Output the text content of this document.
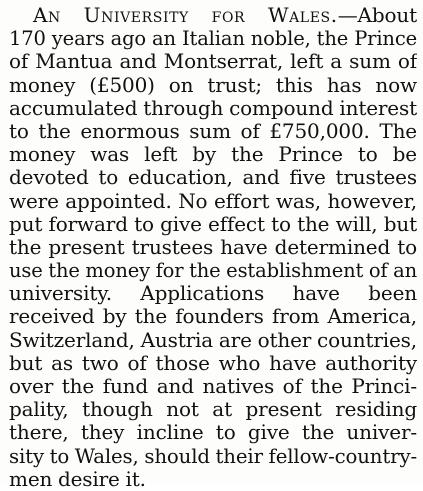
An University for Wales.—About
170 years ago an Italian noble, the Prince
of Mantua and Montserrat, left a sum of
money (£500) on trust; this has now
accumulated through compound interest
to the enormous sum of £750,000. The
money was left by the Prince to be
devoted to education, and five trustees
were appointed. No effort was, however,
put forward to give effect to the will, but
the present trustees have determined to
use the money for the establishment of an
university. Applications have been
received by the founders from America,
Switzerland, Austria are other countries,
but as two of those who have authority
over the fund and natives of the Princi-
pality, though not at present residing
there, they incline to give the univer-
sity to Wales, should their fellow-country-
men desire it.
